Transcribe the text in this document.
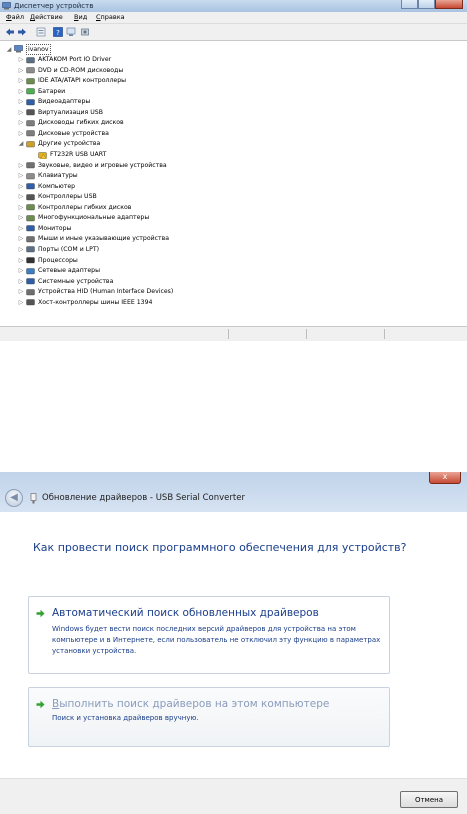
Диспетчер устройств
Файл Действие Вид Справка
?
◢	ivanov
▷ AKTAKOM Port IO Driver
▷ DVD и CD-ROM дисководы
▷ IDE ATA/ATAPI контроллеры
▷ Батареи
▷ Видеоадаптеры
▷ Виртуализация USB
▷ Дисководы гибких дисков
▷ Дисковые устройства
◢ Другие устройства
FT232R USB UART
▷ Звуковые, видео и игровые устройства
▷ Клавиатуры
▷ Компьютер
▷ Контроллеры USB
▷ Контроллеры гибких дисков
▷ Многофункциональные адаптеры
▷ Мониторы
▷ Мыши и иные указывающие устройства
▷ Порты (COM и LPT)
▷ Процессоры
▷ Сетевые адаптеры
▷ Системные устройства
▷ Устройства HID (Human Interface Devices)
▷ Хост-контроллеры шины IEEE 1394
x
◀	Обновление драйверов - USB Serial Converter
Как провести поиск программного обеспечения для устройств?
Автоматический поиск обновленных драйверов
Windows будет вести поиск последних версий драйверов для устройства на этом компьютере и в Интернете, если пользователь не отключил эту функцию в параметрах установки устройства.
Выполнить поиск драйверов на этом компьютере
Поиск и установка драйверов вручную.
Отмена
